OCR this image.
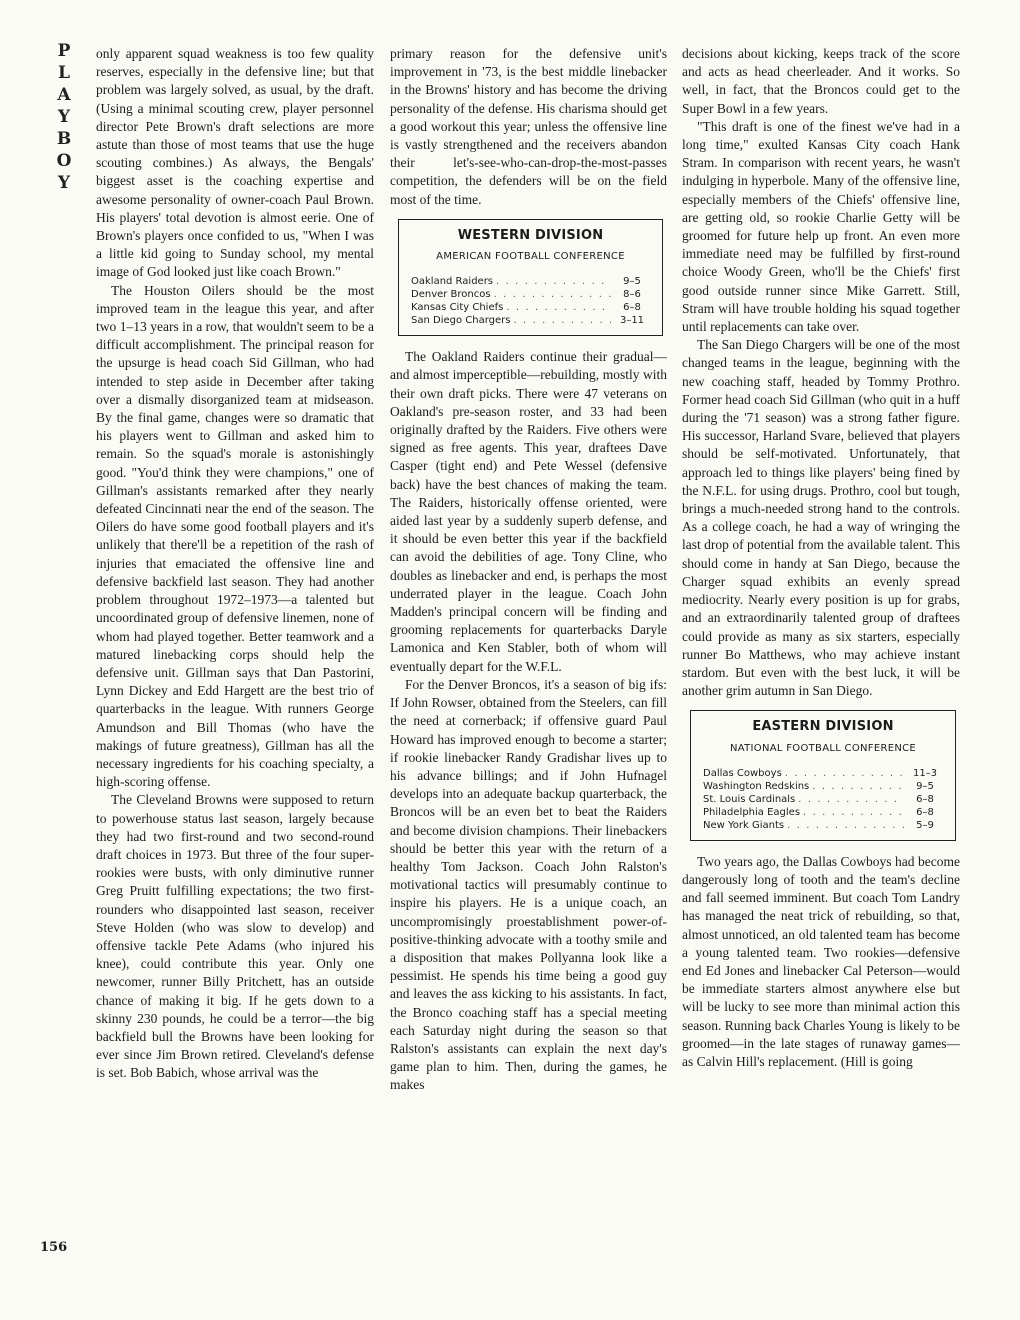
P
L
A
Y
B
O
Y
156

only apparent squad weakness is too few quality reserves, especially in the defensive line; but that problem was largely solved, as usual, by the draft. (Using a minimal scouting crew, player personnel director Pete Brown's draft selections are more astute than those of most teams that use the huge scouting combines.) As always, the Bengals' biggest asset is the coaching expertise and awesome personality of owner-coach Paul Brown. His players' total devotion is almost eerie. One of Brown's players once confided to us, "When I was a little kid going to Sunday school, my mental image of God looked just like coach Brown."

The Houston Oilers should be the most improved team in the league this year, and after two 1–13 years in a row, that wouldn't seem to be a difficult accomplishment. The principal reason for the upsurge is head coach Sid Gillman, who had intended to step aside in December after taking over a dismally disorganized team at midseason. By the final game, changes were so dramatic that his players went to Gillman and asked him to remain. So the squad's morale is astonishingly good. "You'd think they were champions," one of Gillman's assistants remarked after they nearly defeated Cincinnati near the end of the season. The Oilers do have some good football players and it's unlikely that there'll be a repetition of the rash of injuries that emaciated the offensive line and defensive backfield last season. They had another problem throughout 1972–1973—a talented but uncoordinated group of defensive linemen, none of whom had played together. Better teamwork and a matured linebacking corps should help the defensive unit. Gillman says that Dan Pastorini, Lynn Dickey and Edd Hargett are the best trio of quarterbacks in the league. With runners George Amundson and Bill Thomas (who have the makings of future greatness), Gillman has all the necessary ingredients for his coaching specialty, a high-scoring offense.

The Cleveland Browns were supposed to return to powerhouse status last season, largely because they had two first-round and two second-round draft choices in 1973. But three of the four super-rookies were busts, with only diminutive runner Greg Pruitt fulfilling expectations; the two first-rounders who disappointed last season, receiver Steve Holden (who was slow to develop) and offensive tackle Pete Adams (who injured his knee), could contribute this year. Only one newcomer, runner Billy Pritchett, has an outside chance of making it big. If he gets down to a skinny 230 pounds, he could be a terror—the big backfield bull the Browns have been looking for ever since Jim Brown retired. Cleveland's defense is set. Bob Babich, whose arrival was the

primary reason for the defensive unit's improvement in '73, is the best middle linebacker in the Browns' history and has become the driving personality of the defense. His charisma should get a good workout this year; unless the offensive line is vastly strengthened and the receivers abandon their let's-see-who-can-drop-the-most-passes competition, the defenders will be on the field most of the time.

WESTERN DIVISION
AMERICAN FOOTBALL CONFERENCE
Oakland Raiders . . .	9–5
Denver Broncos . . .	8–6
Kansas City Chiefs . . .	6–8
San Diego Chargers . . .	3–11

The Oakland Raiders continue their gradual—and almost imperceptible—rebuilding, mostly with their own draft picks. There were 47 veterans on Oakland's pre-season roster, and 33 had been originally drafted by the Raiders. Five others were signed as free agents. This year, draftees Dave Casper (tight end) and Pete Wessel (defensive back) have the best chances of making the team. The Raiders, historically offense oriented, were aided last year by a suddenly superb defense, and it should be even better this year if the backfield can avoid the debilities of age. Tony Cline, who doubles as linebacker and end, is perhaps the most underrated player in the league. Coach John Madden's principal concern will be finding and grooming replacements for quarterbacks Daryle Lamonica and Ken Stabler, both of whom will eventually depart for the W.F.L.

For the Denver Broncos, it's a season of big ifs: If John Rowser, obtained from the Steelers, can fill the need at cornerback; if offensive guard Paul Howard has improved enough to become a starter; if rookie linebacker Randy Gradishar lives up to his advance billings; and if John Hufnagel develops into an adequate backup quarterback, the Broncos will be an even bet to beat the Raiders and become division champions. Their linebackers should be better this year with the return of a healthy Tom Jackson. Coach John Ralston's motivational tactics will presumably continue to inspire his players. He is a unique coach, an uncompromisingly proestablishment power-of-positive-thinking advocate with a toothy smile and a disposition that makes Pollyanna look like a pessimist. He spends his time being a good guy and leaves the ass kicking to his assistants. In fact, the Bronco coaching staff has a special meeting each Saturday night during the season so that Ralston's assistants can explain the next day's game plan to him. Then, during the games, he makes

decisions about kicking, keeps track of the score and acts as head cheerleader. And it works. So well, in fact, that the Broncos could get to the Super Bowl in a few years.

"This draft is one of the finest we've had in a long time," exulted Kansas City coach Hank Stram. In comparison with recent years, he wasn't indulging in hyperbole. Many of the offensive line, especially members of the Chiefs' offensive line, are getting old, so rookie Charlie Getty will be groomed for future help up front. An even more immediate need may be fulfilled by first-round choice Woody Green, who'll be the Chiefs' first good outside runner since Mike Garrett. Still, Stram will have trouble holding his squad together until replacements can take over.

The San Diego Chargers will be one of the most changed teams in the league, beginning with the new coaching staff, headed by Tommy Prothro. Former head coach Sid Gillman (who quit in a huff during the '71 season) was a strong father figure. His successor, Harland Svare, believed that players should be self-motivated. Unfortunately, that approach led to things like players' being fined by the N.F.L. for using drugs. Prothro, cool but tough, brings a much-needed strong hand to the controls. As a college coach, he had a way of wringing the last drop of potential from the available talent. This should come in handy at San Diego, because the Charger squad exhibits an evenly spread mediocrity. Nearly every position is up for grabs, and an extraordinarily talented group of draftees could provide as many as six starters, especially runner Bo Matthews, who may achieve instant stardom. But even with the best luck, it will be another grim autumn in San Diego.

EASTERN DIVISION
NATIONAL FOOTBALL CONFERENCE
Dallas Cowboys . . .	11–3
Washington Redskins . . .	9–5
St. Louis Cardinals . . .	6–8
Philadelphia Eagles . . .	6–8
New York Giants . . .	5–9

Two years ago, the Dallas Cowboys had become dangerously long of tooth and the team's decline and fall seemed imminent. But coach Tom Landry has managed the neat trick of rebuilding, so that, almost unnoticed, an old talented team has become a young talented team. Two rookies—defensive end Ed Jones and linebacker Cal Peterson—would be immediate starters almost anywhere else but will be lucky to see more than minimal action this season. Running back Charles Young is likely to be groomed—in the late stages of runaway games—as Calvin Hill's replacement. (Hill is going
